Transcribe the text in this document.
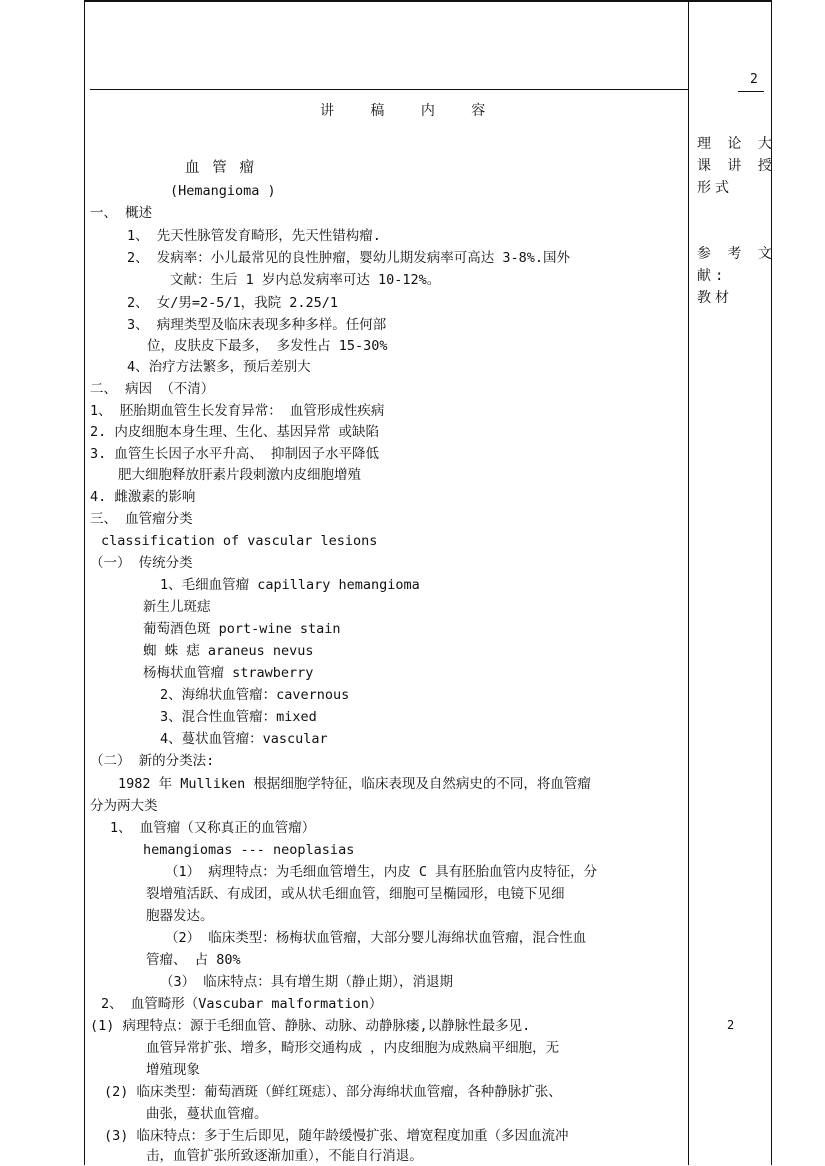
2
讲 稿 内 容
理 论 大
课 讲 授
形式
参 考 文
献:
教材
2
血 管 瘤
(Hemangioma )
一、 概述
1、 先天性脉管发育畸形，先天性错构瘤.
2、 发病率：小儿最常见的良性肿瘤，婴幼儿期发病率可高达 3-8%.国外
文献：生后 1 岁内总发病率可达 10-12%。
2、 女/男=2-5/1，我院 2.25/1
3、 病理类型及临床表现多种多样。任何部
位，皮肤皮下最多， 多发性占 15-30%
4、治疗方法繁多，预后差别大
二、 病因 （不清）
1、 胚胎期血管生长发育异常： 血管形成性疾病
2. 内皮细胞本身生理、生化、基因异常 或缺陷
3. 血管生长因子水平升高、 抑制因子水平降低
肥大细胞释放肝素片段刺激内皮细胞增殖
4. 雌激素的影响
三、 血管瘤分类
classification of vascular lesions
（一） 传统分类
1、毛细血管瘤 capillary hemangioma
新生儿斑痣
葡萄酒色斑 port-wine stain
蜘 蛛 痣 araneus nevus
杨梅状血管瘤 strawberry
2、海绵状血管瘤：cavernous
3、混合性血管瘤：mixed
4、蔓状血管瘤：vascular
（二） 新的分类法:
1982 年 Mulliken 根据细胞学特征，临床表现及自然病史的不同，将血管瘤
分为两大类
1、 血管瘤（又称真正的血管瘤）
hemangiomas --- neoplasias
（1） 病理特点：为毛细血管增生，内皮 C 具有胚胎血管内皮特征，分
裂增殖活跃、有成团，或从状毛细血管，细胞可呈椭园形，电镜下见细
胞器发达。
（2） 临床类型：杨梅状血管瘤，大部分婴儿海绵状血管瘤，混合性血
管瘤、 占 80%
（3） 临床特点：具有增生期（静止期），消退期
2、 血管畸形（Vascubar malformation）
(1) 病理特点：源于毛细血管、静脉、动脉、动静脉瘘,以静脉性最多见.
血管异常扩张、增多，畸形交通构成 ，内皮细胞为成熟扁平细胞，无
增殖现象
(2) 临床类型：葡萄酒斑（鲜红斑痣）、部分海绵状血管瘤，各种静脉扩张、
曲张，蔓状血管瘤。
(3) 临床特点：多于生后即见，随年龄缓慢扩张、增宽程度加重（多因血流冲
击，血管扩张所致逐渐加重），不能自行消退。
